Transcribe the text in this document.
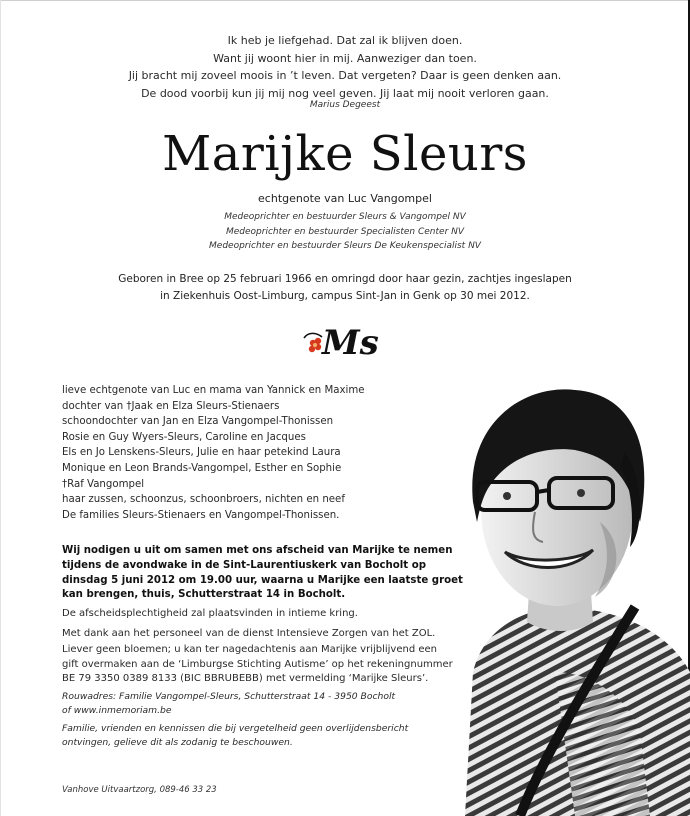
Ik heb je liefgehad. Dat zal ik blijven doen.
Want jij woont hier in mij. Aanweziger dan toen.
Jij bracht mij zoveel moois in ’t leven. Dat vergeten? Daar is geen denken aan.
De dood voorbij kun jij mij nog veel geven. Jij laat mij nooit verloren gaan.
Marius Degeest
Marijke Sleurs
echtgenote van Luc Vangompel
Medeoprichter en bestuurder Sleurs & Vangompel NV
Medeoprichter en bestuurder Specialisten Center NV
Medeoprichter en bestuurder Sleurs De Keukenspecialist NV
Geboren in Bree op 25 februari 1966 en omringd door haar gezin, zachtjes ingeslapen
in Ziekenhuis Oost-Limburg, campus Sint-Jan in Genk op 30 mei 2012.
Ms
lieve echtgenote van Luc en mama van Yannick en Maxime
dochter van †Jaak en Elza Sleurs-Stienaers
schoondochter van Jan en Elza Vangompel-Thonissen
Rosie en Guy Wyers-Sleurs, Caroline en Jacques
Els en Jo Lenskens-Sleurs, Julie en haar petekind Laura
Monique en Leon Brands-Vangompel, Esther en Sophie
†Raf Vangompel
haar zussen, schoonzus, schoonbroers, nichten en neef
De families Sleurs-Stienaers en Vangompel-Thonissen.
Wij nodigen u uit om samen met ons afscheid van Marijke te nemen
tijdens de avondwake in de Sint-Laurentiuskerk van Bocholt op
dinsdag 5 juni 2012 om 19.00 uur, waarna u Marijke een laatste groet
kan brengen, thuis, Schutterstraat 14 in Bocholt.
De afscheidsplechtigheid zal plaatsvinden in intieme kring.
Met dank aan het personeel van de dienst Intensieve Zorgen van het ZOL.
Liever geen bloemen; u kan ter nagedachtenis aan Marijke vrijblijvend een
gift overmaken aan de ‘Limburgse Stichting Autisme’ op het rekeningnummer
BE 79 3350 0389 8133 (BIC BBRUBEBB) met vermelding ‘Marijke Sleurs’.
Rouwadres: Familie Vangompel-Sleurs, Schutterstraat 14 - 3950 Bocholt
of www.inmemoriam.be
Familie, vrienden en kennissen die bij vergetelheid geen overlijdensbericht
ontvingen, gelieve dit als zodanig te beschouwen.
Vanhove Uitvaartzorg, 089-46 33 23
